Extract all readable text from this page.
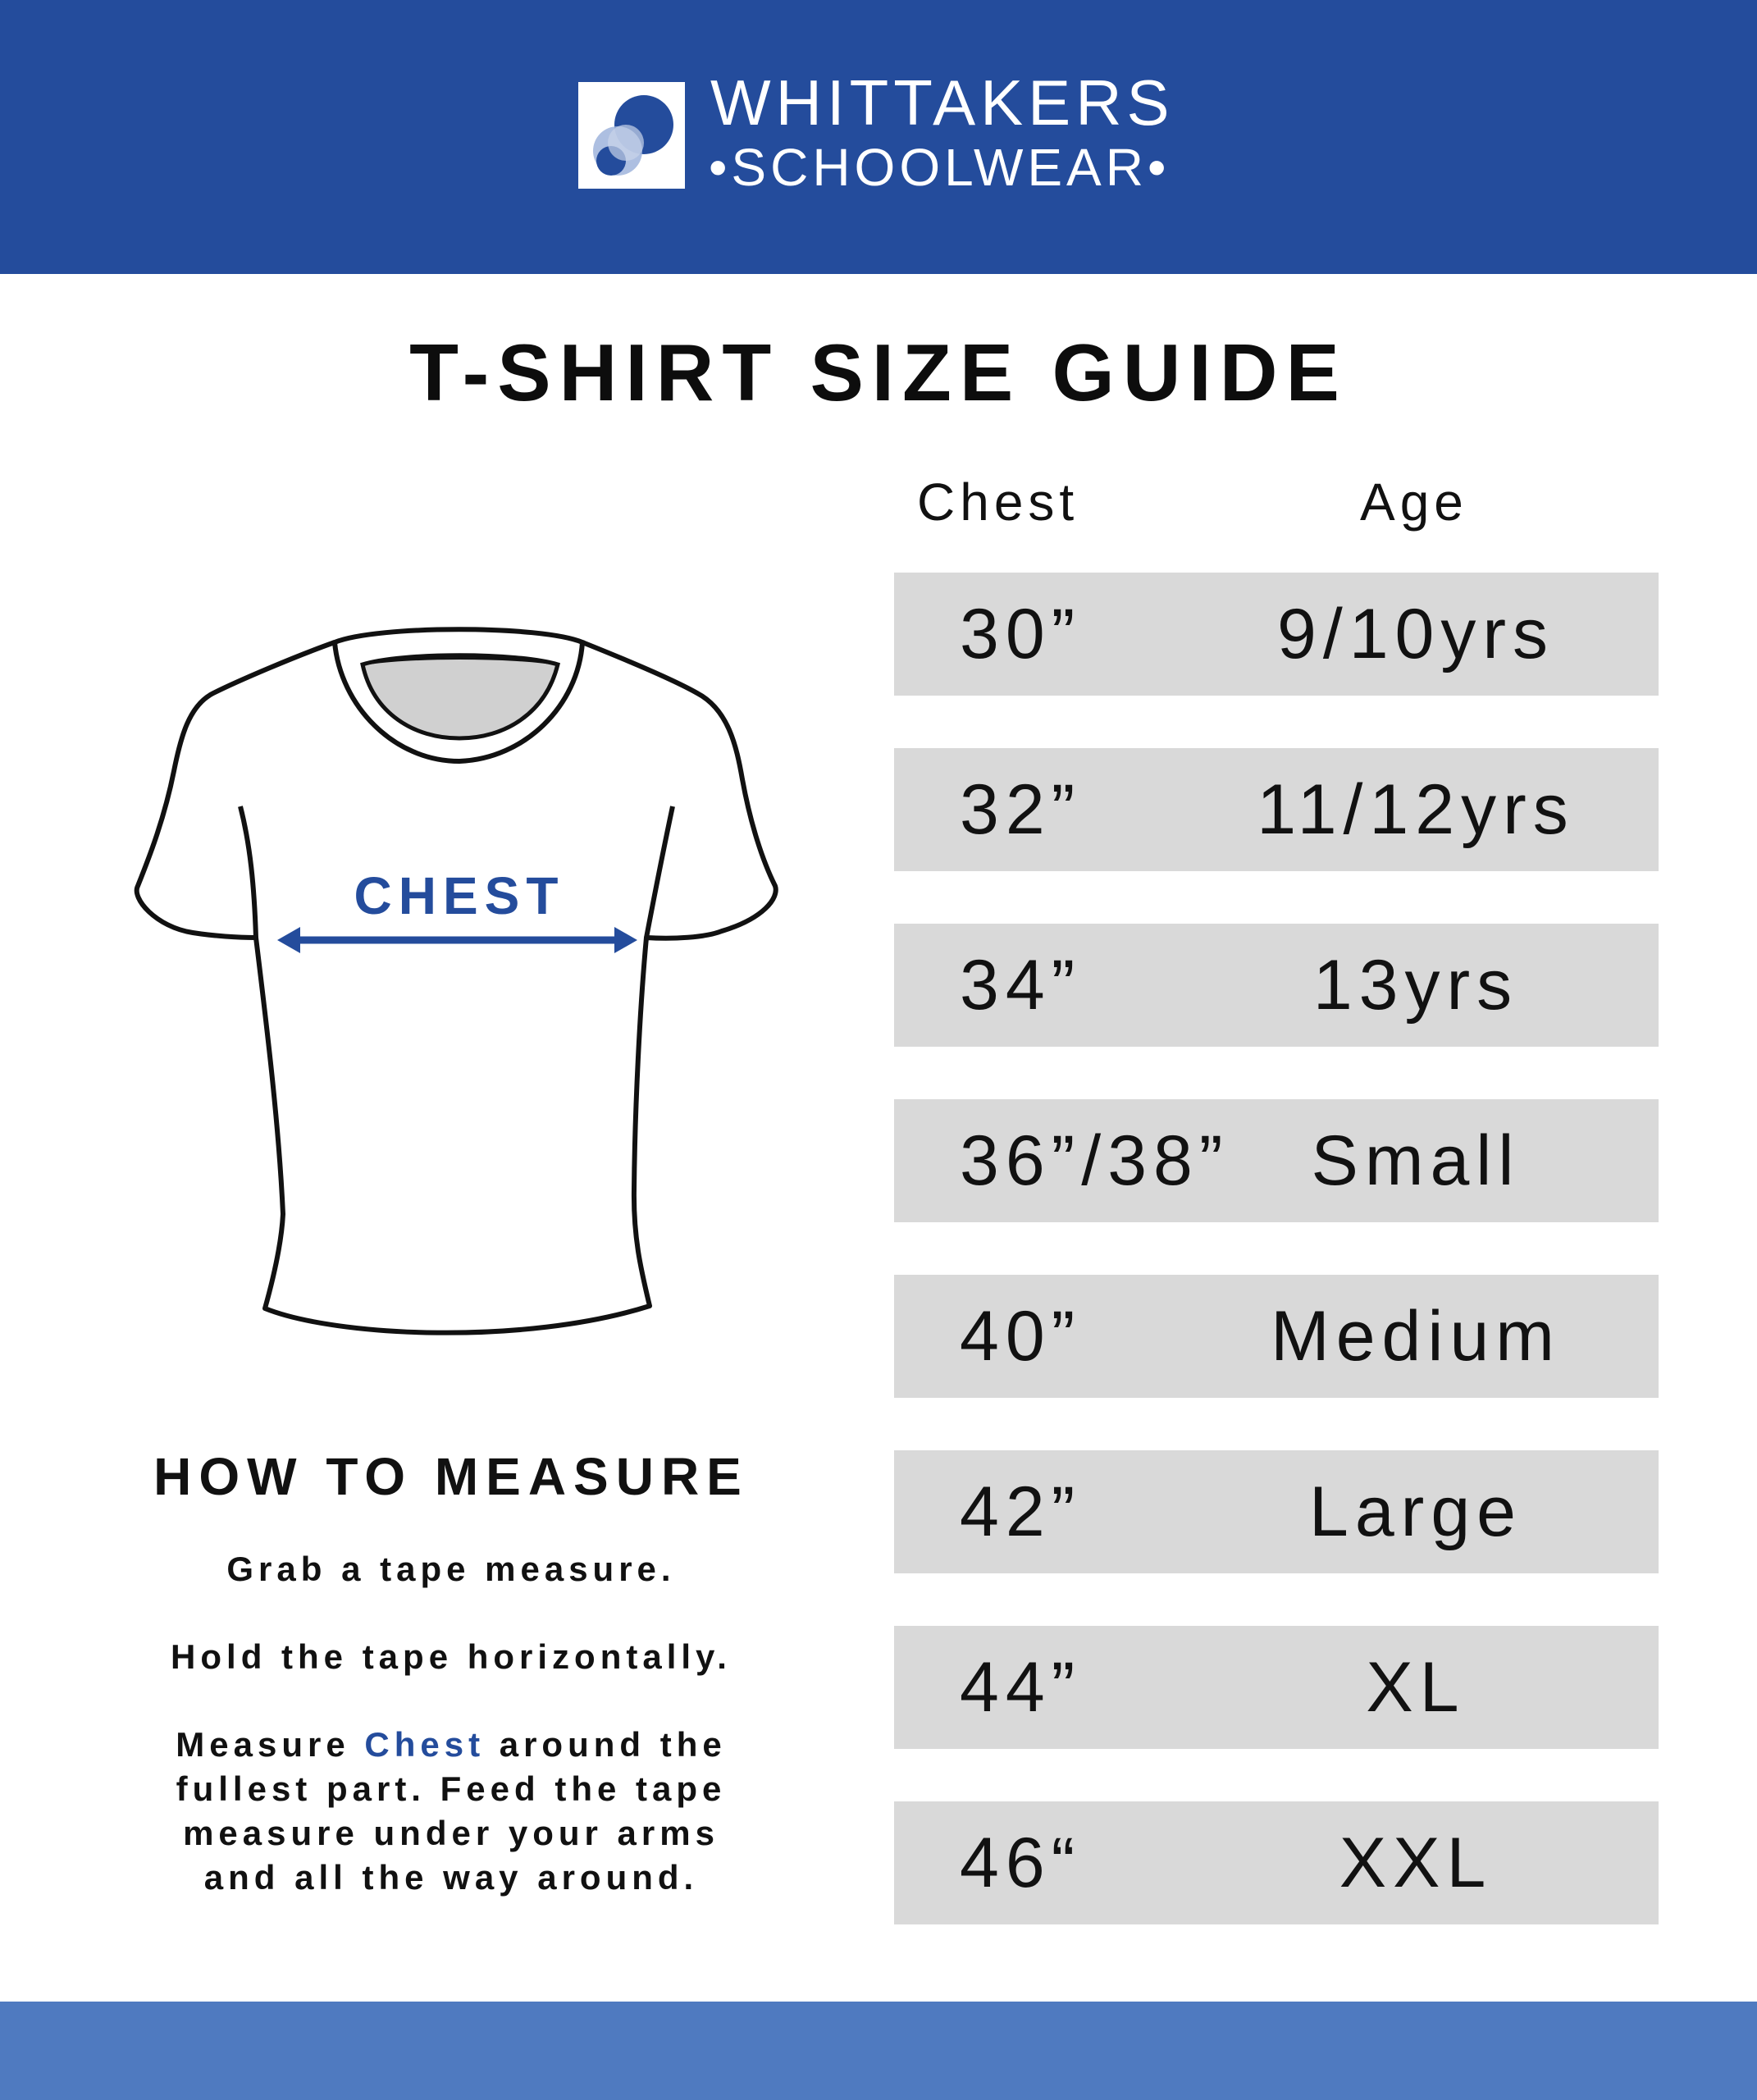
WHITTAKERS
•SCHOOLWEAR•
T-SHIRT SIZE GUIDE
Chest	Age
30”	9/10yrs
32”	11/12yrs
34”	13yrs
36”/38”	Small
40”	Medium
42”	Large
44”	XL
46“	XXL
CHEST
HOW TO MEASURE
Grab a tape measure.
Hold the tape horizontally.
Measure Chest around the
fullest part. Feed the tape
measure under your arms
and all the way around.
